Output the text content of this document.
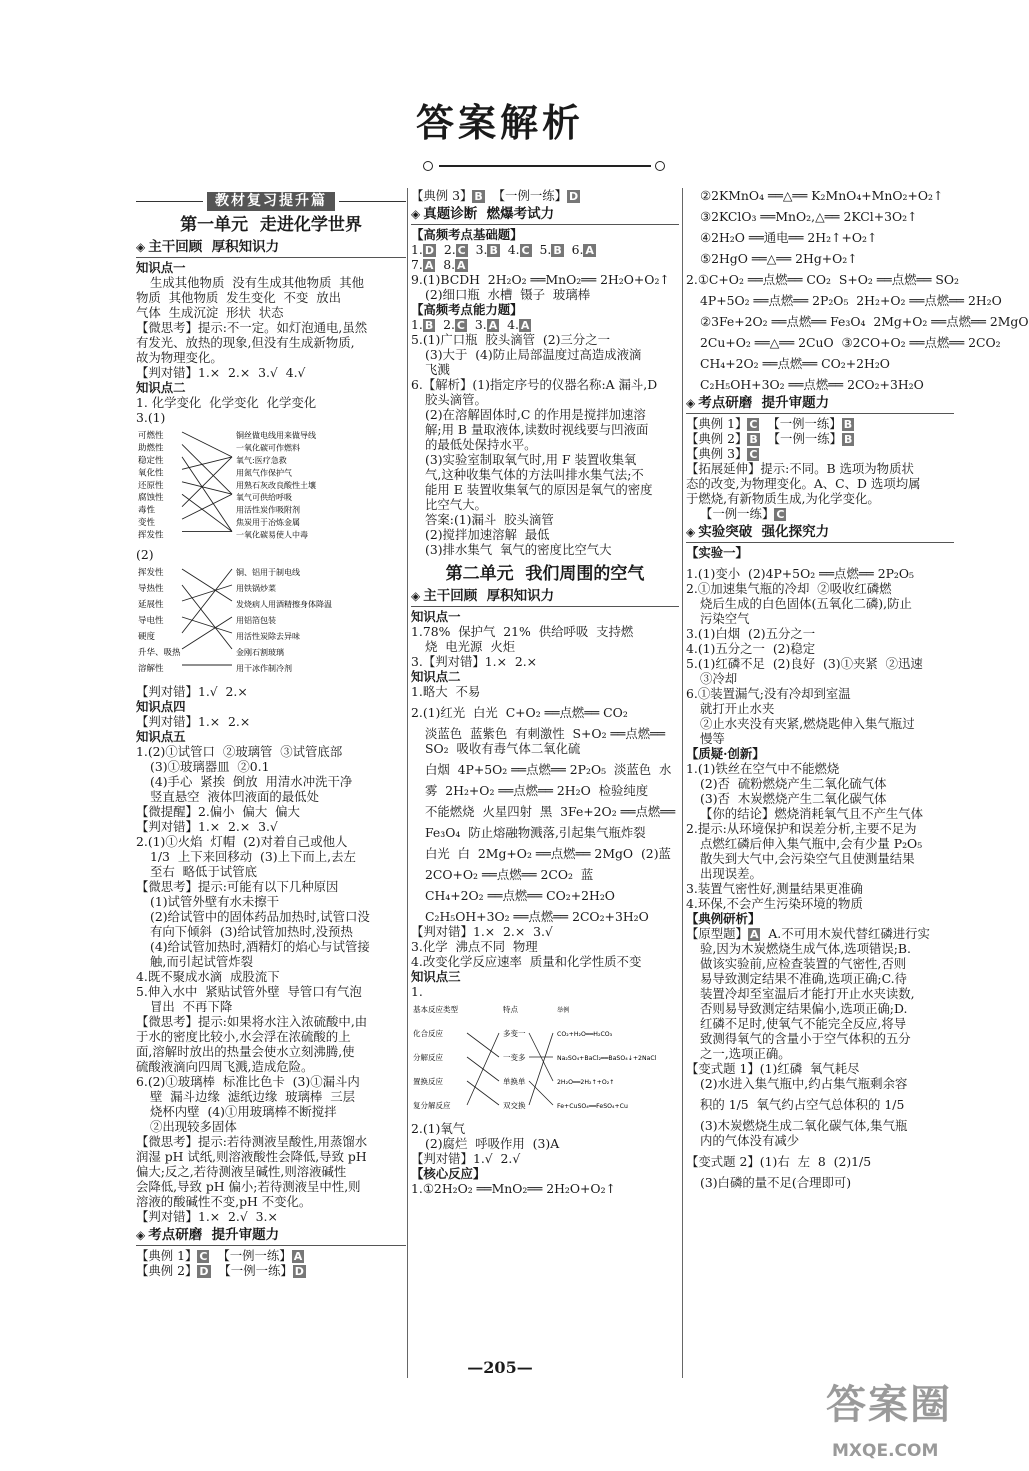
答案解析
教材复习提升篇
第一单元  走进化学世界
◈ 主干回顾  厚积知识力
知识点一
生成其他物质  没有生成其他物质  其他
物质  其他物质  发生变化  不变  放出
气体  生成沉淀  形状  状态
【微思考】提示:不一定。如灯泡通电,虽然
有发光、放热的现象,但没有生成新物质,
故为物理变化。
【判对错】1.×  2.×  3.√  4.√
知识点二
1. 化学变化  化学变化  化学变化
3.(1)
可燃性
助燃性
稳定性
氧化性
还原性
腐蚀性
毒性
变性
挥发性
铜丝做电线用来做导线
一氧化碳可作燃料
氧气:医疗急救
用氮气作保护气
用熟石灰改良酸性土壤
氧气可供给呼吸
用活性炭作吸附剂
焦炭用于冶炼金属
一氧化碳易使人中毒
(2)
挥发性
导热性
延展性
导电性
硬度
升华、吸热
溶解性
铜、铝用于制电线
用铁锅炒菜
发烧病人用酒精擦身体降温
用铝箔包装
用活性炭除去异味
金刚石割玻璃
用干冰作制冷剂
【判对错】1.√  2.×
知识点四
【判对错】1.×  2.×
知识点五
1.(2)①试管口  ②玻璃管  ③试管底部
(3)①玻璃器皿  ②0.1
(4)手心  紧挨  倒放  用清水冲洗干净
竖直悬空  液体凹液面的最低处
【微提醒】2.偏小  偏大  偏大
【判对错】1.×  2.×  3.√
2.(1)①火焰  灯帽  (2)对着自己或他人
1/3  上下来回移动  (3)上下而上,去左
至右  略低于试管底
【微思考】提示:可能有以下几种原因
(1)试管外壁有水未擦干
(2)给试管中的固体药品加热时,试管口没
有向下倾斜  (3)给试管加热时,没预热
(4)给试管加热时,酒精灯的焰心与试管接
触,而引起试管炸裂
4.既不聚成水滴  成股流下
5.伸入水中  紧贴试管外壁  导管口有气泡
冒出  不再下降
【微思考】提示:如果将水注入浓硫酸中,由
于水的密度比较小,水会浮在浓硫酸的上
面,溶解时放出的热量会使水立刻沸腾,使
硫酸液滴向四周飞溅,造成危险。
6.(2)①玻璃棒  标准比色卡  (3)①漏斗内
壁  漏斗边缘  滤纸边缘  玻璃棒  三层
烧杯内壁  (4)①用玻璃棒不断搅拌
②出现较多固体
【微思考】提示:若待测液呈酸性,用蒸馏水
润湿 pH 试纸,则溶液酸性会降低,导致 pH
偏大;反之,若待测液呈碱性,则溶液碱性
会降低,导致 pH 偏小;若待测液呈中性,则
溶液的酸碱性不变,pH 不变化。
【判对错】1.×  2.√  3.×
◈ 考点研磨  提升审题力
【典例 1】 C  【一例一练】 A
【典例 2】 D  【一例一练】 D
【典例 3】 B  【一例一练】 D
◈ 真题诊断  燃爆考试力
【高频考点基础题】
1. D  2. C  3. B  4. C  5. B  6. A
7. A  8. A
9.(1)BCDH  2H₂O₂ ══MnO₂══ 2H₂O+O₂↑
(2)细口瓶  水槽  镊子  玻璃棒
【高频考点能力题】
1. B  2. C  3. A  4. A
5.(1)广口瓶  胶头滴管  (2)三分之一
(3)大于  (4)防止局部温度过高造成液滴
飞溅
6.【解析】(1)指定序号的仪器名称:A 漏斗,D
胶头滴管。
(2)在溶解固体时,C 的作用是搅拌加速溶
解;用 B 量取液体,读数时视线要与凹液面
的最低处保持水平。
(3)实验室制取氧气时,用 F 装置收集氧
气,这种收集气体的方法叫排水集气法;不
能用 E 装置收集氧气的原因是氧气的密度
比空气大。
答案:(1)漏斗  胶头滴管
(2)搅拌加速溶解  最低
(3)排水集气  氧气的密度比空气大
第二单元  我们周围的空气
◈ 主干回顾  厚积知识力
知识点一
1.78%  保护气  21%  供给呼吸  支持燃
烧  电光源  火炬
3.【判对错】1.×  2.×
知识点二
1.略大  不易
2.(1)红光  白光  C+O₂ ══点燃══ CO₂
淡蓝色  蓝紫色  有刺激性  S+O₂ ══点燃══
SO₂  吸收有毒气体二氧化硫
白烟  4P+5O₂ ══点燃══ 2P₂O₅  淡蓝色  水
雾  2H₂+O₂ ══点燃══ 2H₂O  检验纯度
不能燃烧  火星四射  黑  3Fe+2O₂ ══点燃══
Fe₃O₄  防止熔融物溅落,引起集气瓶炸裂
白光  白  2Mg+O₂ ══点燃══ 2MgO  (2)蓝
2CO+O₂ ══点燃══ 2CO₂  蓝
CH₄+2O₂ ══点燃══ CO₂+2H₂O
C₂H₅OH+3O₂ ══点燃══ 2CO₂+3H₂O
【判对错】1.×  2.×  3.√
3.化学  沸点不同  物理
4.改变化学反应速率  质量和化学性质不变
知识点三
1.
基本反应类型
化合反应
分解反应
置换反应
复分解反应
特点
多变一
一变多
单换单
双交换
举例
CO₂+H₂O══H₂CO₃
Na₂SO₄+BaCl₂══BaSO₄↓+2NaCl
2H₂O══2H₂↑+O₂↑
Fe+CuSO₄══FeSO₄+Cu
2.(1)氧气
(2)腐烂  呼吸作用  (3)A
【判对错】1.√  2.√
【核心反应】
1.①2H₂O₂ ══MnO₂══ 2H₂O+O₂↑
②2KMnO₄ ══△══ K₂MnO₄+MnO₂+O₂↑
③2KClO₃ ══MnO₂,△══ 2KCl+3O₂↑
④2H₂O ══通电══ 2H₂↑+O₂↑
⑤2HgO ══△══ 2Hg+O₂↑
2.①C+O₂ ══点燃══ CO₂  S+O₂ ══点燃══ SO₂
4P+5O₂ ══点燃══ 2P₂O₅  2H₂+O₂ ══点燃══ 2H₂O
②3Fe+2O₂ ══点燃══ Fe₃O₄  2Mg+O₂ ══点燃══ 2MgO
2Cu+O₂ ══△══ 2CuO  ③2CO+O₂ ══点燃══ 2CO₂
CH₄+2O₂ ══点燃══ CO₂+2H₂O
C₂H₅OH+3O₂ ══点燃══ 2CO₂+3H₂O
◈ 考点研磨  提升审题力
【典例 1】 C  【一例一练】 B
【典例 2】 B  【一例一练】 B
【典例 3】 C
【拓展延伸】提示:不同。B 选项为物质状
态的改变,为物理变化。A、C、D 选项均属
于燃烧,有新物质生成,为化学变化。
【一例一练】 C
◈ 实验突破  强化探究力
【实验一】
1.(1)变小  (2)4P+5O₂ ══点燃══ 2P₂O₅
2.①加速集气瓶的冷却  ②吸收红磷燃
烧后生成的白色固体(五氧化二磷),防止
污染空气
3.(1)白烟  (2)五分之一
4.(1)五分之一  (2)稳定
5.(1)红磷不足  (2)良好  (3)①夹紧  ②迅速
③冷却
6.①装置漏气;没有冷却到室温
就打开止水夹
②止水夹没有夹紧,燃烧匙伸入集气瓶过
慢等
【质疑·创新】
1.(1)铁丝在空气中不能燃烧
(2)否  硫粉燃烧产生二氧化硫气体
(3)否  木炭燃烧产生二氧化碳气体
【你的结论】燃烧消耗氧气且不产生气体
2.提示:从环境保护和误差分析,主要不足为
点燃红磷后伸入集气瓶中,会有少量 P₂O₅
散失到大气中,会污染空气且使测量结果
出现误差。
3.装置气密性好,测量结果更准确
4.环保,不会产生污染环境的物质
【典例研析】
【原型题】 A  A.不可用木炭代替红磷进行实
验,因为木炭燃烧生成气体,选项错误;B.
做该实验前,应检查装置的气密性,否则
易导致测定结果不准确,选项正确;C.待
装置冷却至室温后才能打开止水夹读数,
否则易导致测定结果偏小,选项正确;D.
红磷不足时,使氧气不能完全反应,将导
致测得氧气的含量小于空气体积的五分
之一,选项正确。
【变式题 1】(1)红磷  氧气耗尽
(2)水进入集气瓶中,约占集气瓶剩余容
积的 1/5  氧气约占空气总体积的 1/5
(3)木炭燃烧生成二氧化碳气体,集气瓶
内的气体没有减少
【变式题 2】(1)右  左  8  (2)1/5
(3)白磷的量不足(合理即可)
—205—
答案圈
MXQE.COM
